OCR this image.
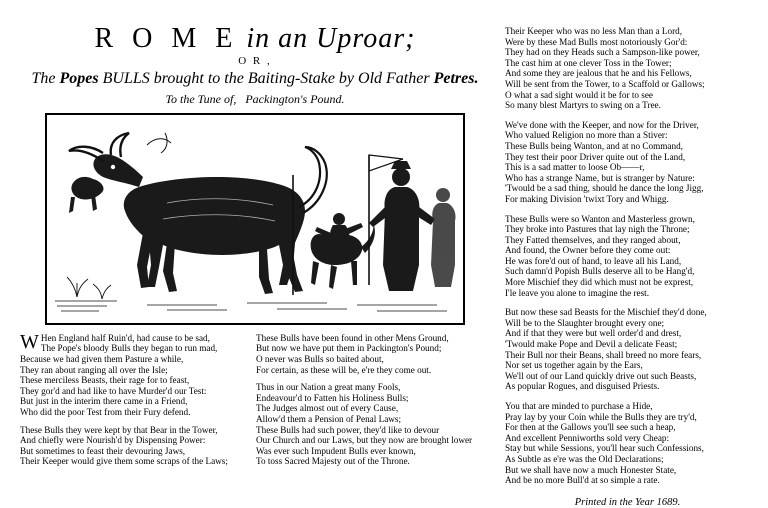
R O M E in an Uproar;
O R ,
The Popes BULLS brought to the Baiting-Stake by Old Father Petres.
To the Tune of, Packington's Pound.
W Hen England half Ruin'd, had cause to be sad,
The Pope's bloody Bulls they began to run mad,
Because we had given them Pasture a while,
They ran about ranging all over the Isle;
These merciless Beasts, their rage for to feast,
They gor'd and had like to have Murder'd our Test:
But just in the interim there came in a Friend,
Who did the poor Test from their Fury defend.
These Bulls they were kept by that Bear in the Tower,
And chiefly were Nourish'd by Dispensing Power:
But sometimes to feast their devouring Jaws,
Their Keeper would give them some scraps of the Laws;
These Bulls have been found in other Mens Ground,
But now we have put them in Packington's Pound;
O never was Bulls so baited about,
For certain, as these will be, e're they come out.
Thus in our Nation a great many Fools,
Endeavour'd to Fatten his Holiness Bulls;
The Judges almost out of every Cause,
Allow'd them a Pension of Penal Laws;
These Bulls had such power, they'd like to devour
Our Church and our Laws, but they now are brought lower
Was ever such Impudent Bulls ever known,
To toss Sacred Majesty out of the Throne.
Their Keeper who was no less Man than a Lord,
Were by these Mad Bulls most notoriously Gor'd:
They had on they Heads such a Sampson-like power,
The cast him at one clever Toss in the Tower;
And some they are jealous that he and his Fellows,
Will be sent from the Tower, to a Scaffold or Gallows;
O what a sad sight would it be for to see
So many blest Martyrs to swing on a Tree.
We've done with the Keeper, and now for the Driver,
Who valued Religion no more than a Stiver:
These Bulls being Wanton, and at no Command,
They test their poor Driver quite out of the Land,
This is a sad matter to loose Ob——r,
Who has a strange Name, but is stranger by Nature:
'Twould be a sad thing, should he dance the long Jigg,
For making Division 'twixt Tory and Whigg.
These Bulls were so Wanton and Masterless grown,
They broke into Pastures that lay nigh the Throne;
They Fatted themselves, and they ranged about,
And found, the Owner before they come out:
He was fore'd out of hand, to leave all his Land,
Such damn'd Popish Bulls deserve all to be Hang'd,
More Mischief they did which must not be exprest,
I'le leave you alone to imagine the rest.
But now these sad Beasts for the Mischief they'd done,
Will be to the Slaughter brought every one;
And if that they were but well order'd and drest,
'Twould make Pope and Devil a delicate Feast;
Their Bull nor their Beans, shall breed no more fears,
Nor set us together again by the Ears,
We'll out of our Land quickly drive out such Beasts,
As popular Rogues, and disguised Priests.
You that are minded to purchase a Hide,
Pray lay by your Coin while the Bulls they are try'd,
For then at the Gallows you'll see such a heap,
And excellent Penniworths sold very Cheap:
Stay but while Sessions, you'll hear such Confessions,
As Subtle as e're was the Old Declarations;
But we shall have now a much Honester State,
And be no more Bull'd at so simple a rate.
Printed in the Year 1689.
